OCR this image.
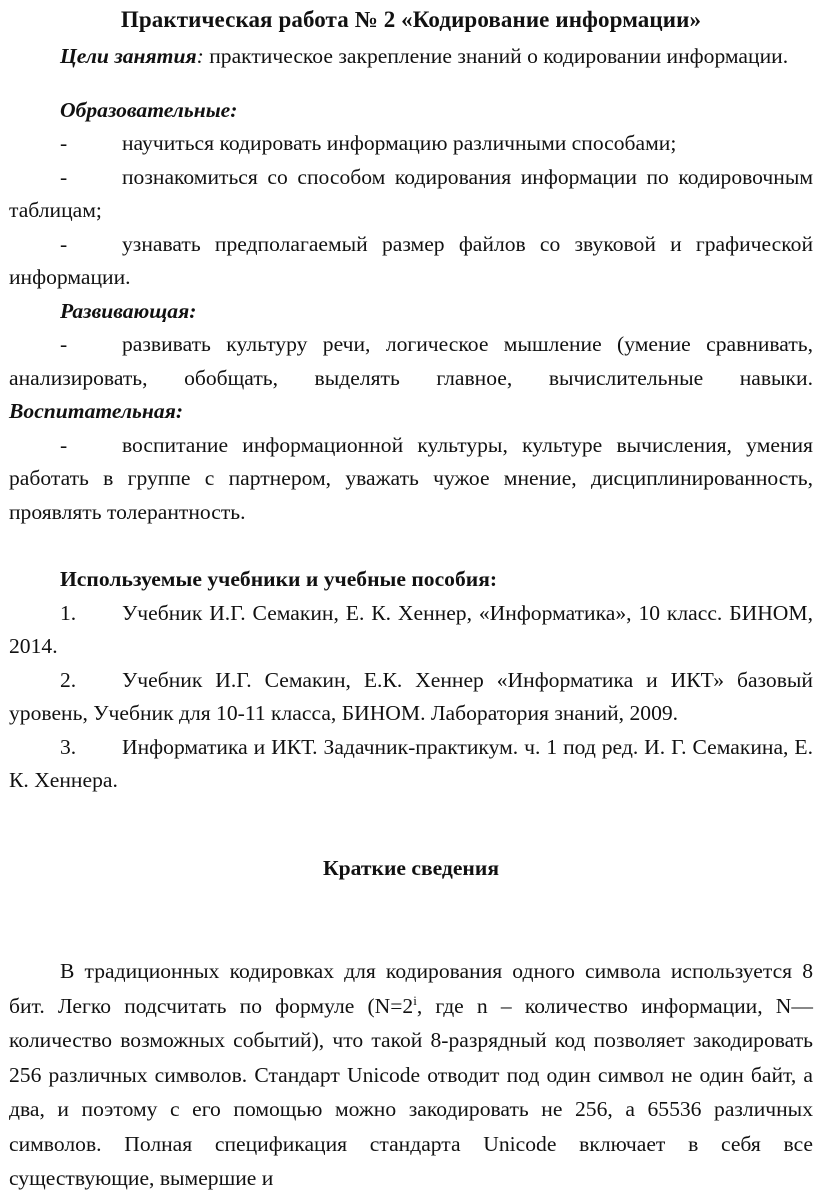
Практическая работа № 2 «Кодирование информации»

Цели занятия: практическое закрепление знаний о кодировании информации.

Образовательные:

-	научиться кодировать информацию различными способами;

-	познакомиться со способом кодирования информации по кодировочным таблицам;

-	узнавать предполагаемый размер файлов со звуковой и графической информации.

Развивающая:

-	развивать культуру речи, логическое мышление (умение сравнивать, анализировать, обобщать, выделять главное, вычислительные навыки. Воспитательная:

-	воспитание информационной культуры, культуре вычисления, умения работать в группе с партнером, уважать чужое мнение, дисциплинированность, проявлять толерантность.

Используемые учебники и учебные пособия:

1. Учебник И.Г. Семакин, Е. К. Хеннер, «Информатика», 10 класс. БИНОМ, 2014.

2. Учебник И.Г. Семакин, Е.К. Хеннер «Информатика и ИКТ» базовый уровень, Учебник для 10-11 класса, БИНОМ. Лаборатория знаний, 2009.

3. Информатика и ИКТ. Задачник-практикум. ч. 1 под ред. И. Г. Семакина, Е. К. Хеннера.

Краткие сведения

В традиционных кодировках для кодирования одного символа используется 8 бит. Легко подсчитать по формуле ($N=2^i$, где n – количество информации, N—количество возможных событий), что такой 8-разрядный код позволяет закодировать 256 различных символов. Стандарт Unicode отводит под один символ не один байт, а два, и поэтому с его помощью можно закодировать не 256, а 65536 различных символов. Полная спецификация стандарта Unicode включает в себя все существующие, вымершие и
